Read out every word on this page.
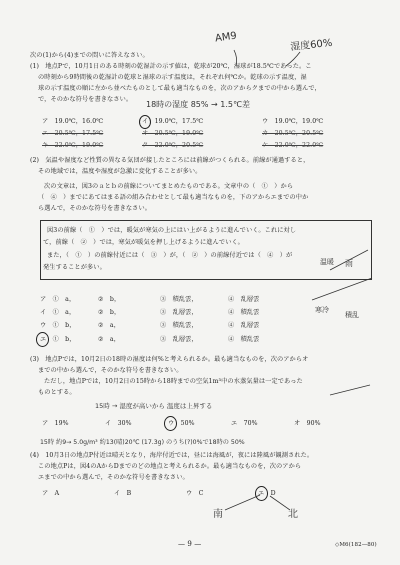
次の(1)から(4)までの問いに答えなさい。
(1)　地点Pで，10月1日のある時刻の乾湿計の示す値は，乾球が20℃，湿球が18.5℃であった。こ
の時刻から9時間後の乾湿計の乾球と湿球の示す温度は，それぞれ何℃か。乾球の示す温度，湿
球の示す温度の順に左から並べたものとして最も適当なものを，次のアからクまでの中から選んで，
で，そのかな符号を書きなさい。
ア　19.0℃，16.0℃	イ　19.0℃，17.5℃	ウ　19.0℃，19.0℃
エ　20.5℃，17.5℃	オ　20.5℃，19.0℃	カ　20.5℃，20.5℃
キ　22.0℃，19.0℃	ク　22.0℃，20.5℃	ケ　22.0℃，22.0℃
(2)　気温や湿度など性質の異なる気団が接したところには前線がつくられる。前線が通過すると，
その地域では，温度や湿度が急激に変化することが多い。
次の文章は，図3のａとｂの前線についてまとめたものである。文章中の（　①　）から
（　④　）までにあてはまる語の組み合わせとして最も適当なものを，下のアからエまでの中か
ら選んで，そのかな符号を書きなさい。
図3の前線（　①　）では，暖気が寒気の上にはい上がるように進んでいく。これに対し
て，前線（　②　）では，寒気が暖気を押し上げるように進んでいく。
また，（　①　）の前線付近には（　③　）が，（　②　）の前線付近では（　④　）が
発生することが多い。
ア　①　a，	②　b，	③　積乱雲，	④　乱層雲
イ　①　a，	②　b，	③　乱層雲，	④　積乱雲
ウ　①　b，	②　a，	③　積乱雲，	④　乱層雲
エ　①　b，	②　a，	③　乱層雲，	④　積乱雲
(3)　地点Pでは，10月2日の18時の湿度は何%と考えられるか。最も適当なものを，次のアからオ
までの中から選んで，そのかな符号を書きなさい。
ただし，地点Pでは，10月2日の15時から18時までの空気1m³中の水蒸気量は一定であった
ものとする。
ア　19%	イ　30%	ウ　50%	エ　70%	オ　90%
(4)　10月3日の地点P付近は晴天となり，海岸付近では，昼には海風が，夜には陸風が観測された。
この地点Pは，図4のAからDまでのどの地点と考えられるか。最も適当なものを，次のアから
エまでの中から選んで，そのかな符号を書きなさい。
ア　A	イ　B	ウ　C	エ　D
— 9 —	◇M6(182—80)
AM9
湿度60%
18時の湿度 85% → 1.5℃差
温暖 雨
寒冷
積乱
15時 → 湿度が高いから 温度は上昇する
15時 約9→ 5.0g/m³ 約13(晴)20℃ (17.3g) のうち(?)0%で18時の 50%
南	北
